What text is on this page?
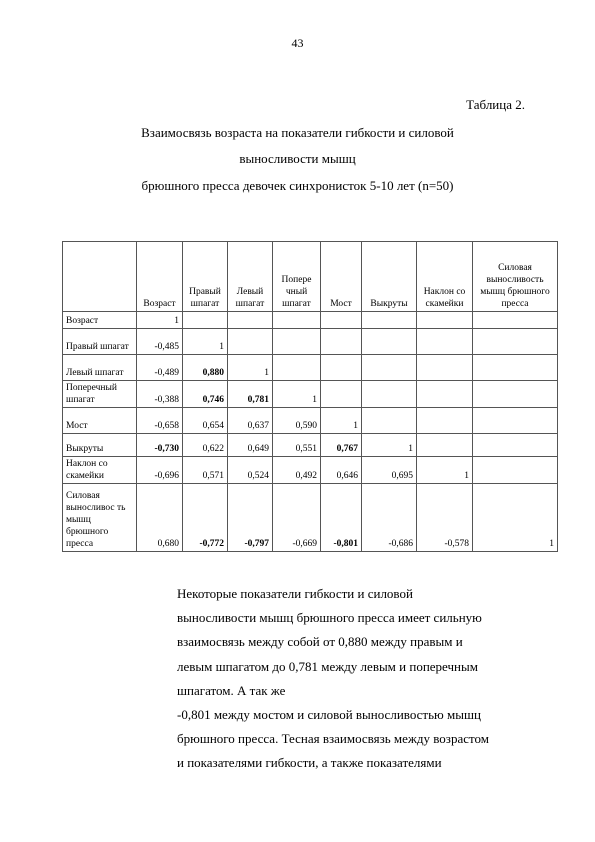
43
Таблица 2.
Взаимосвязь возраста на показатели гибкости и силовой
выносливости мышц
брюшного пресса девочек синхронисток 5-10 лет (n=50)
	Возраст	Правый шпагат	Левый шпагат	Попере чный шпагат	Мост	Выкруты	Наклон со скамейки	Силовая выносливость мышц брюшного пресса
Возраст	1							
Правый шпагат	-0,485	1						
Левый шпагат	-0,489	0,880	1					
Поперечный шпагат	-0,388	0,746	0,781	1				
Мост	-0,658	0,654	0,637	0,590	1			
Выкруты	-0,730	0,622	0,649	0,551	0,767	1		
Наклон со скамейки	-0,696	0,571	0,524	0,492	0,646	0,695	1	
Силовая выносливос ть мышц брюшного пресса	0,680	-0,772	-0,797	-0,669	-0,801	-0,686	-0,578	1
Некоторые показатели гибкости и силовой
выносливости мышц брюшного пресса имеет сильную
взаимосвязь между собой от 0,880 между правым и
левым шпагатом до 0,781 между левым и поперечным
шпагатом. А так же
-0,801 между мостом и силовой выносливостью мышц
брюшного пресса. Тесная взаимосвязь между возрастом
и показателями гибкости, а также показателями
